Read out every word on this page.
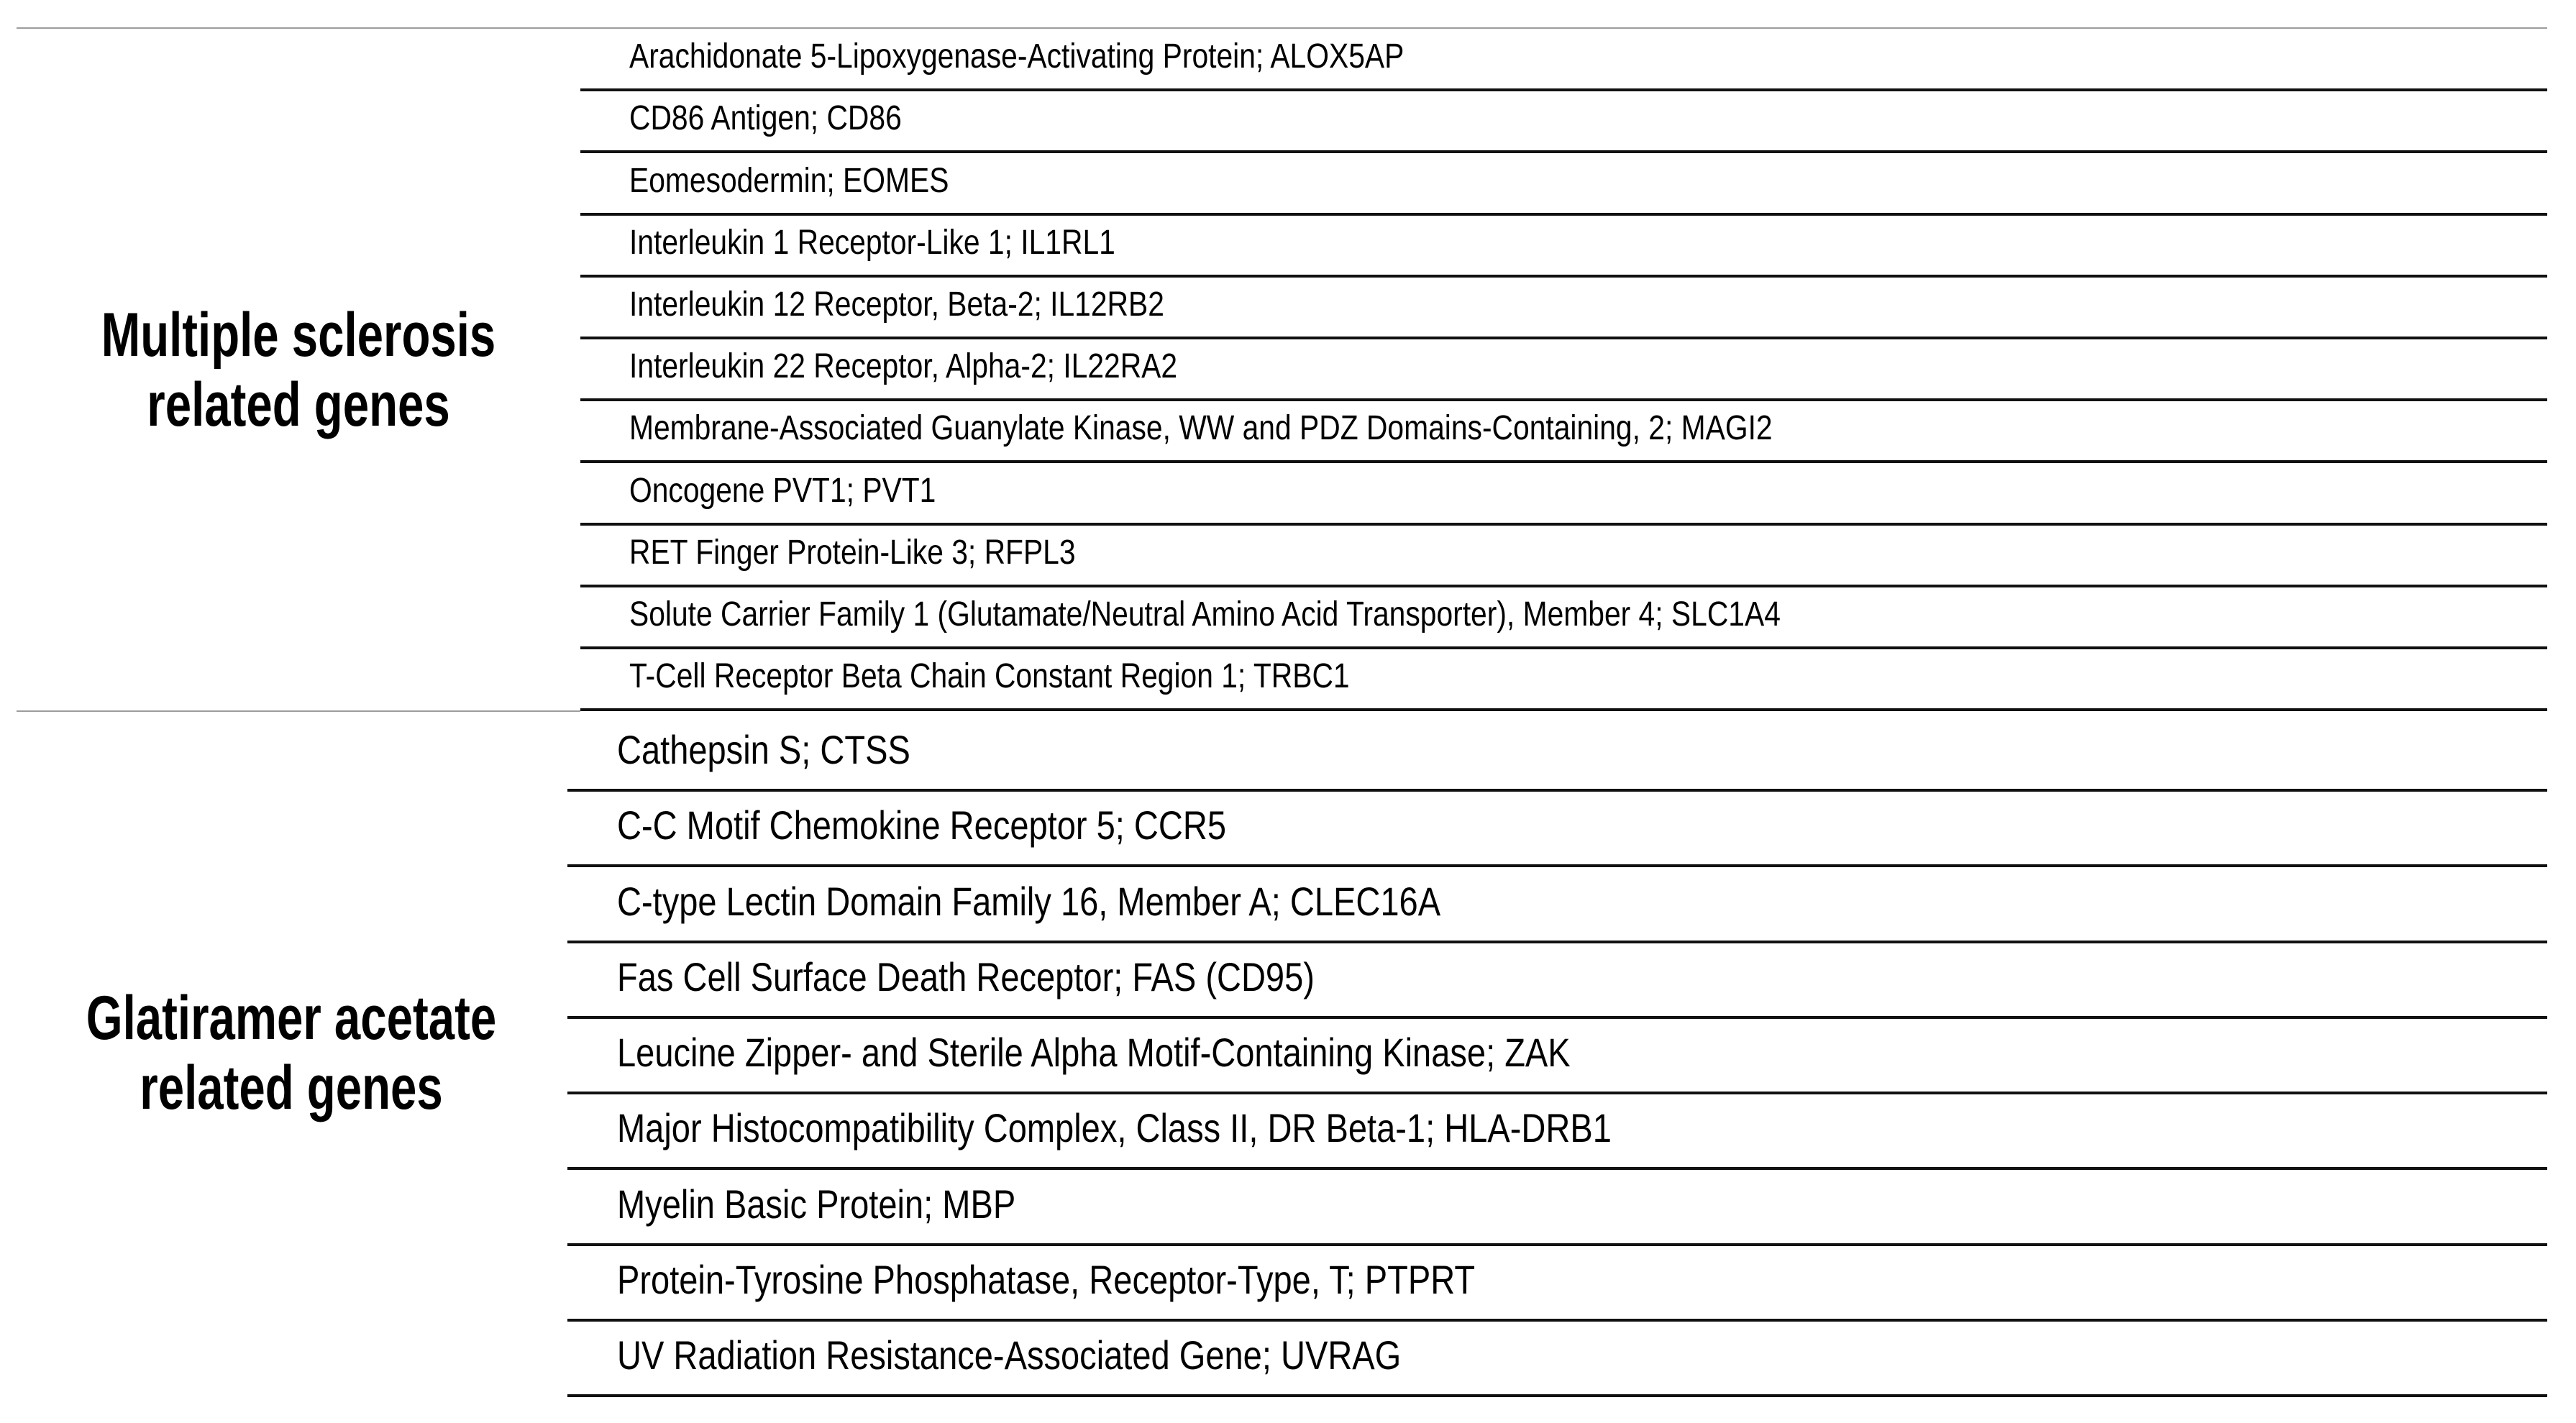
Multiple sclerosis
related genes
Arachidonate 5-Lipoxygenase-Activating Protein; ALOX5AP
CD86 Antigen; CD86
Eomesodermin; EOMES
Interleukin 1 Receptor-Like 1; IL1RL1
Interleukin 12 Receptor, Beta-2; IL12RB2
Interleukin 22 Receptor, Alpha-2; IL22RA2
Membrane-Associated Guanylate Kinase, WW and PDZ Domains-Containing, 2; MAGI2
Oncogene PVT1; PVT1
RET Finger Protein-Like 3; RFPL3
Solute Carrier Family 1 (Glutamate/Neutral Amino Acid Transporter), Member 4; SLC1A4
T-Cell Receptor Beta Chain Constant Region 1; TRBC1
Glatiramer acetate
related genes
Cathepsin S; CTSS
C-C Motif Chemokine Receptor 5; CCR5
C-type Lectin Domain Family 16, Member A; CLEC16A
Fas Cell Surface Death Receptor; FAS (CD95)
Leucine Zipper- and Sterile Alpha Motif-Containing Kinase; ZAK
Major Histocompatibility Complex, Class II, DR Beta-1; HLA-DRB1
Myelin Basic Protein; MBP
Protein-Tyrosine Phosphatase, Receptor-Type, T; PTPRT
UV Radiation Resistance-Associated Gene; UVRAG
